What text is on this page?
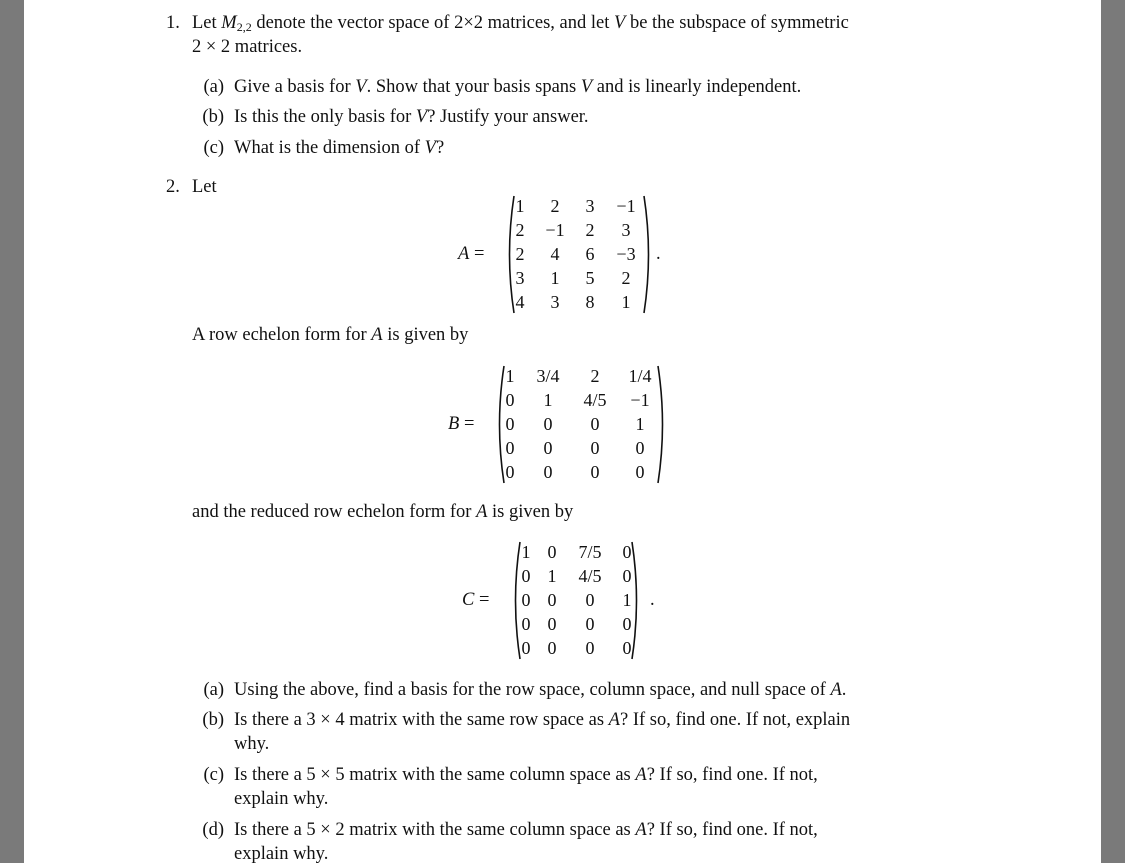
1. Let $M_{2,2}$ denote the vector space of 2×2 matrices, and let V be the subspace of symmetric
2 × 2 matrices.
(a) Give a basis for V. Show that your basis spans V and is linearly independent.
(b) Is this the only basis for V? Justify your answer.
(c) What is the dimension of V?
2. Let
A =
1	2	3	−1
2	−1	2	3
2	4	6	−3
3	1	5	2
4	3	8	1
.
A row echelon form for A is given by
B =
1	3/4	2	1/4
0	1	4/5	−1
0	0	0	1
0	0	0	0
0	0	0	0
and the reduced row echelon form for A is given by
C =
1 0	7/5	0
0 1	4/5	0
0 0	0	1
0 0	0	0
0 0	0	0
.
(a) Using the above, find a basis for the row space, column space, and null space of A.
(b) Is there a 3 × 4 matrix with the same row space as A? If so, find one. If not, explain
why.
(c) Is there a 5 × 5 matrix with the same column space as A? If so, find one. If not,
explain why.
(d) Is there a 5 × 2 matrix with the same column space as A? If so, find one. If not,
explain why.
